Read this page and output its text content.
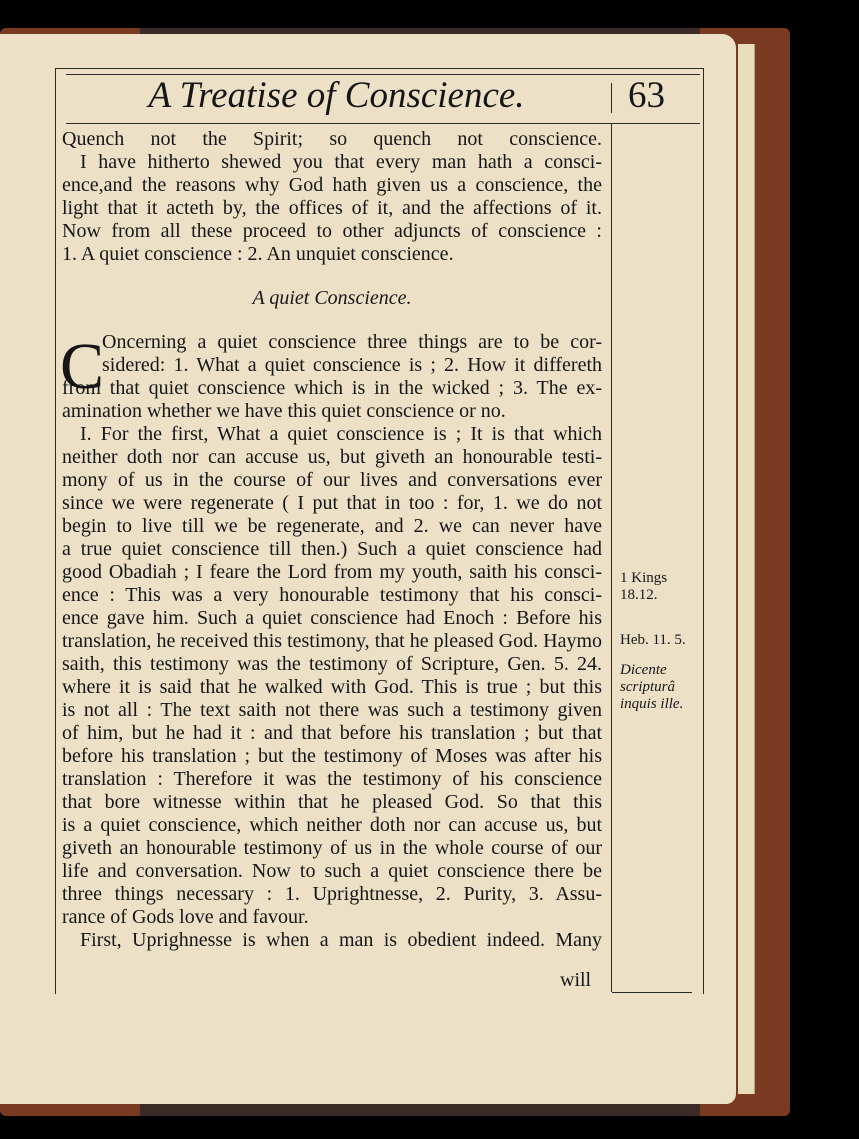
A Treatise of Conscience.	63
C
Quench not the Spirit; so quench not conscience.
I have hitherto shewed you that every man hath a consci-
ence,and the reasons why God hath given us a conscience, the
light that it acteth by, the offices of it, and the affections of it.
Now from all these proceed to other adjuncts of conscience :
1. A quiet conscience : 2. An unquiet conscience.
A quiet Conscience.
Oncerning a quiet conscience three things are to be cor-
sidered: 1. What a quiet conscience is ; 2. How it differeth
from that quiet conscience which is in the wicked ; 3. The ex-
amination whether we have this quiet conscience or no.
I. For the first, What a quiet conscience is ; It is that which
neither doth nor can accuse us, but giveth an honourable testi-
mony of us in the course of our lives and conversations ever
since we were regenerate ( I put that in too : for, 1. we do not
begin to live till we be regenerate, and 2. we can never have
a true quiet conscience till then.) Such a quiet conscience had
good Obadiah ; I feare the Lord from my youth, saith his consci-
ence : This was a very honourable testimony that his consci-
ence gave him. Such a quiet conscience had Enoch : Before his
translation, he received this testimony, that he pleased God. Haymo
saith, this testimony was the testimony of Scripture, Gen. 5. 24.
where it is said that he walked with God. This is true ; but this
is not all : The text saith not there was such a testimony given
of him, but he had it : and that before his translation ; but that
before his translation ; but the testimony of Moses was after his
translation : Therefore it was the testimony of his conscience
that bore witnesse within that he pleased God. So that this
is a quiet conscience, which neither doth nor can accuse us, but
giveth an honourable testimony of us in the whole course of our
life and conversation. Now to such a quiet conscience there be
three things necessary : 1. Uprightnesse, 2. Purity, 3. Assu-
rance of Gods love and favour.
First, Uprighnesse is when a man is obedient indeed. Many
will
1 Kings
18.12.
Heb. 11. 5.
Dicente
scripturâ
inquis ille.
